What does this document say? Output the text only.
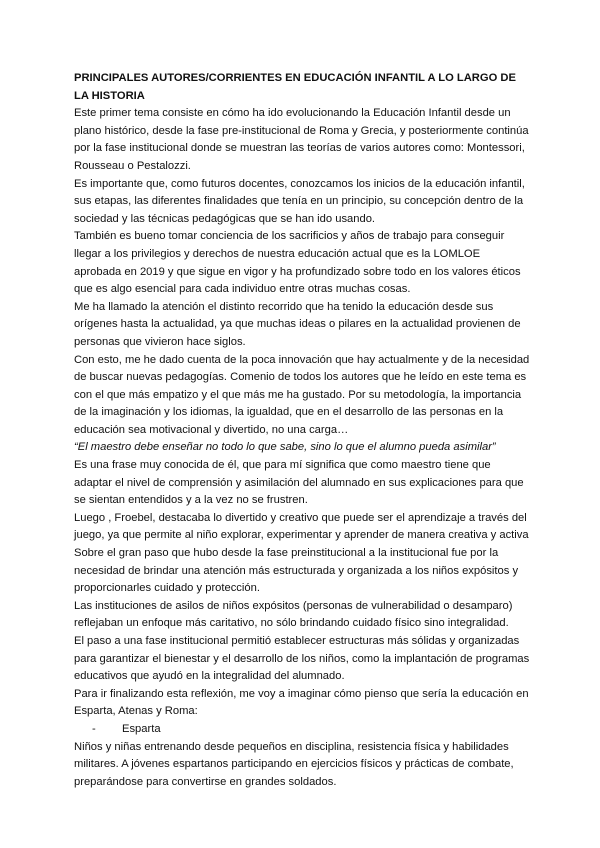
PRINCIPALES AUTORES/CORRIENTES EN EDUCACIÓN INFANTIL A LO LARGO DE LA HISTORIA

Este primer tema consiste en cómo ha ido evolucionando la Educación Infantil desde un plano histórico, desde la fase pre-institucional de Roma y Grecia, y posteriormente continúa por la fase institucional donde se muestran las teorías de varios autores como: Montessori, Rousseau o Pestalozzi.

Es importante que, como futuros docentes, conozcamos los inicios de la educación infantil, sus etapas, las diferentes finalidades que tenía en un principio, su concepción dentro de la sociedad y las técnicas pedagógicas que se han ido usando.

También es bueno tomar conciencia de los sacrificios y años de trabajo para conseguir llegar a los privilegios y derechos de nuestra educación actual que es la LOMLOE aprobada en 2019 y que sigue en vigor y ha profundizado sobre todo en los valores éticos que es algo esencial para cada individuo entre otras muchas cosas.

Me ha llamado la atención el distinto recorrido que ha tenido la educación desde sus orígenes hasta la actualidad, ya que muchas ideas o pilares en la actualidad provienen de personas que vivieron hace siglos.

Con esto, me he dado cuenta de la poca innovación que hay actualmente y de la necesidad de buscar nuevas pedagogías. Comenio de todos los autores que he leído en este tema es con el que más empatizo y el que más me ha gustado. Por su metodología, la importancia de la imaginación y los idiomas, la igualdad, que en el desarrollo de las personas en la educación sea motivacional y divertido, no una carga…

“El maestro debe enseñar no todo lo que sabe, sino lo que el alumno pueda asimilar”

Es una frase muy conocida de él, que para mí significa que como maestro tiene que adaptar el nivel de comprensión y asimilación del alumnado en sus explicaciones para que se sientan entendidos y a la vez no se frustren.

Luego , Froebel, destacaba lo divertido y creativo que puede ser el aprendizaje a través del juego, ya que permite al niño explorar, experimentar y aprender de manera creativa y activa

Sobre el gran paso que hubo desde la fase preinstitucional a la institucional fue por la necesidad de brindar una atención más estructurada y organizada a los niños expósitos y proporcionarles cuidado y protección.

Las instituciones de asilos de niños expósitos (personas de vulnerabilidad o desamparo) reflejaban un enfoque más caritativo, no sólo brindando cuidado físico sino integralidad.

El paso a una fase institucional permitió establecer estructuras más sólidas y organizadas para garantizar el bienestar y el desarrollo de los niños, como la implantación de programas educativos que ayudó en la integralidad del alumnado.

Para ir finalizando esta reflexión, me voy a imaginar cómo pienso que sería la educación en Esparta, Atenas y Roma:

-	Esparta

Niños y niñas entrenando desde pequeños en disciplina, resistencia física y habilidades militares. A jóvenes espartanos participando en ejercicios físicos y prácticas de combate, preparándose para convertirse en grandes soldados.
